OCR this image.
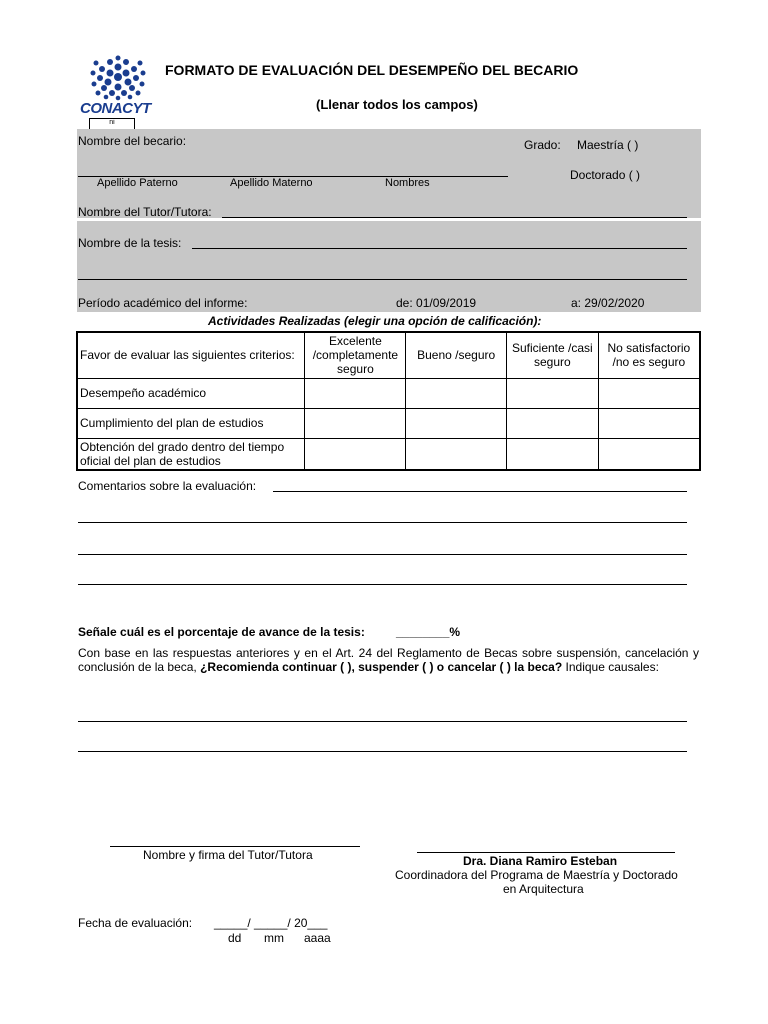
CONACYT
ni
FORMATO DE EVALUACIÓN DEL DESEMPEÑO DEL BECARIO
(Llenar todos los campos)
Nombre del becario:	Grado: Maestría ( )
Doctorado ( )
Apellido Paterno	Apellido Materno	Nombres
Nombre del Tutor/Tutora:
Nombre de la tesis:
Período académico del informe:	de: 01/09/2019	a: 29/02/2020
Actividades Realizadas (elegir una opción de calificación):
Favor de evaluar las siguientes criterios:	Excelente /completamente seguro	Bueno /seguro	Suficiente /casi seguro	No satisfactorio /no es seguro
Desempeño académico				
Cumplimiento del plan de estudios				
Obtención del grado dentro del tiempo oficial del plan de estudios				
Comentarios sobre la evaluación:
Señale cuál es el porcentaje de avance de la tesis:	________%
Con base en las respuestas anteriores y en el Art. 24 del Reglamento de Becas sobre suspensión, cancelación y conclusión de la beca, ¿Recomienda continuar ( ), suspender ( ) o cancelar ( ) la beca? Indique causales:
Nombre y firma del Tutor/Tutora	Dra. Diana Ramiro Esteban
Coordinadora del Programa de Maestría y Doctorado
en Arquitectura
Fecha de evaluación: _____/ _____/ 20___
dd mm aaaa
